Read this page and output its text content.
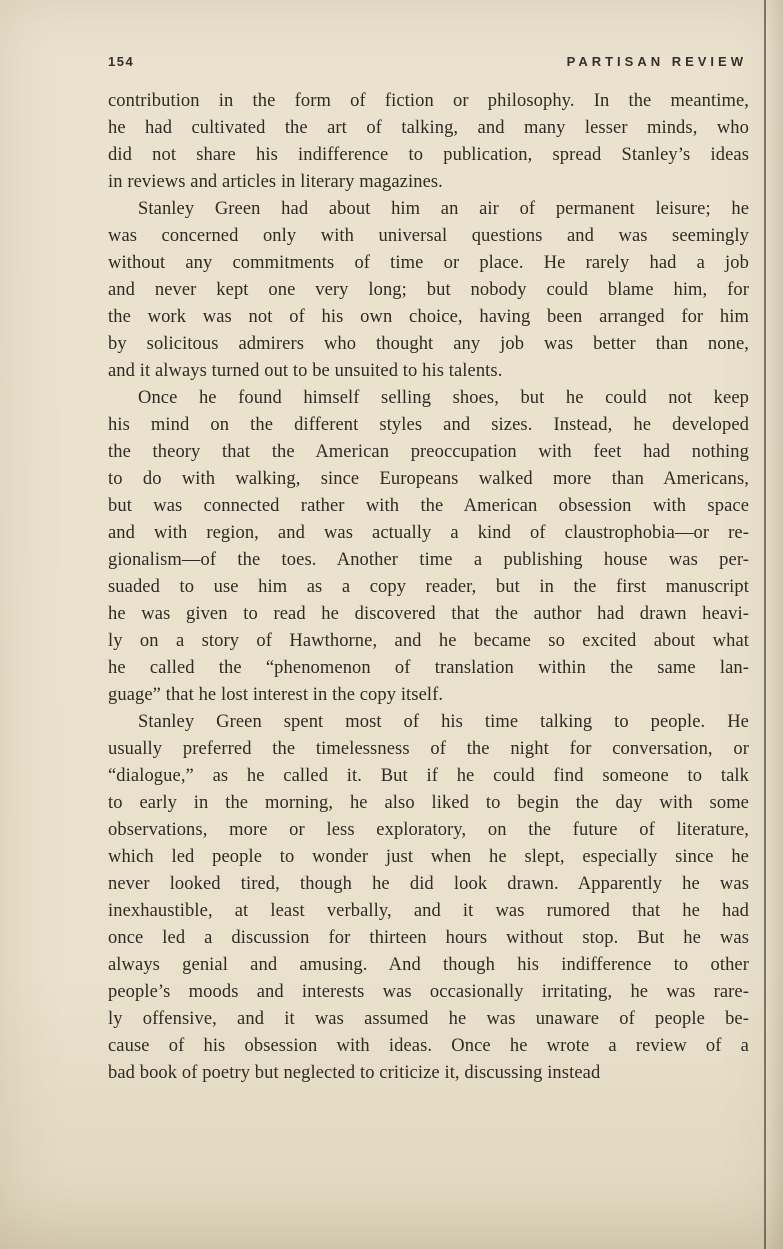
154	PARTISAN REVIEW
contribution in the form of fiction or philosophy. In the meantime,
he had cultivated the art of talking, and many lesser minds, who
did not share his indifference to publication, spread Stanley’s ideas
in reviews and articles in literary magazines.
Stanley Green had about him an air of permanent leisure; he
was concerned only with universal questions and was seemingly
without any commitments of time or place. He rarely had a job
and never kept one very long; but nobody could blame him, for
the work was not of his own choice, having been arranged for him
by solicitous admirers who thought any job was better than none,
and it always turned out to be unsuited to his talents.
Once he found himself selling shoes, but he could not keep
his mind on the different styles and sizes. Instead, he developed
the theory that the American preoccupation with feet had nothing
to do with walking, since Europeans walked more than Americans,
but was connected rather with the American obsession with space
and with region, and was actually a kind of claustrophobia—or re-
gionalism—of the toes. Another time a publishing house was per-
suaded to use him as a copy reader, but in the first manuscript
he was given to read he discovered that the author had drawn heavi-
ly on a story of Hawthorne, and he became so excited about what
he called the “phenomenon of translation within the same lan-
guage” that he lost interest in the copy itself.
Stanley Green spent most of his time talking to people. He
usually preferred the timelessness of the night for conversation, or
“dialogue,” as he called it. But if he could find someone to talk
to early in the morning, he also liked to begin the day with some
observations, more or less exploratory, on the future of literature,
which led people to wonder just when he slept, especially since he
never looked tired, though he did look drawn. Apparently he was
inexhaustible, at least verbally, and it was rumored that he had
once led a discussion for thirteen hours without stop. But he was
always genial and amusing. And though his indifference to other
people’s moods and interests was occasionally irritating, he was rare-
ly offensive, and it was assumed he was unaware of people be-
cause of his obsession with ideas. Once he wrote a review of a
bad book of poetry but neglected to criticize it, discussing instead
